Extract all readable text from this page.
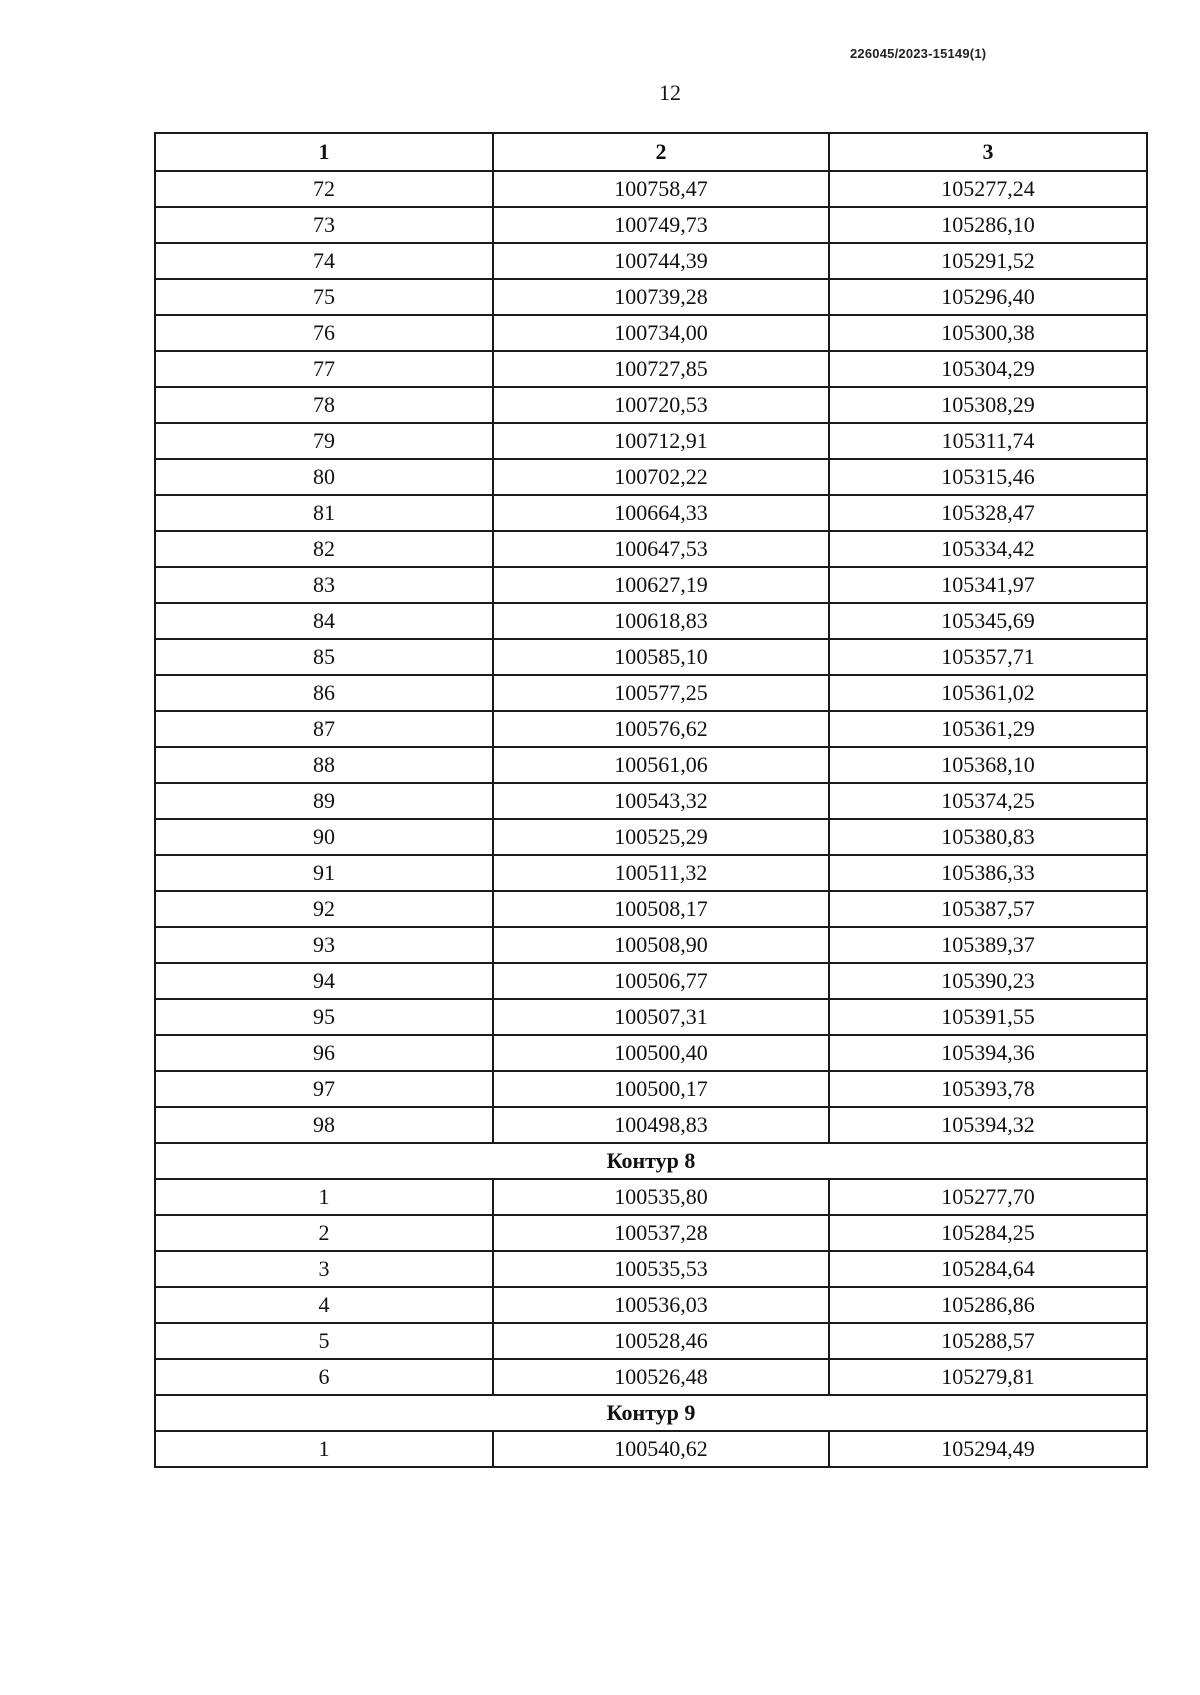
226045/2023-15149(1)
12
1	2	3
72	100758,47	105277,24
73	100749,73	105286,10
74	100744,39	105291,52
75	100739,28	105296,40
76	100734,00	105300,38
77	100727,85	105304,29
78	100720,53	105308,29
79	100712,91	105311,74
80	100702,22	105315,46
81	100664,33	105328,47
82	100647,53	105334,42
83	100627,19	105341,97
84	100618,83	105345,69
85	100585,10	105357,71
86	100577,25	105361,02
87	100576,62	105361,29
88	100561,06	105368,10
89	100543,32	105374,25
90	100525,29	105380,83
91	100511,32	105386,33
92	100508,17	105387,57
93	100508,90	105389,37
94	100506,77	105390,23
95	100507,31	105391,55
96	100500,40	105394,36
97	100500,17	105393,78
98	100498,83	105394,32
Контур 8		
1	100535,80	105277,70
2	100537,28	105284,25
3	100535,53	105284,64
4	100536,03	105286,86
5	100528,46	105288,57
6	100526,48	105279,81
Контур 9		
1	100540,62	105294,49
